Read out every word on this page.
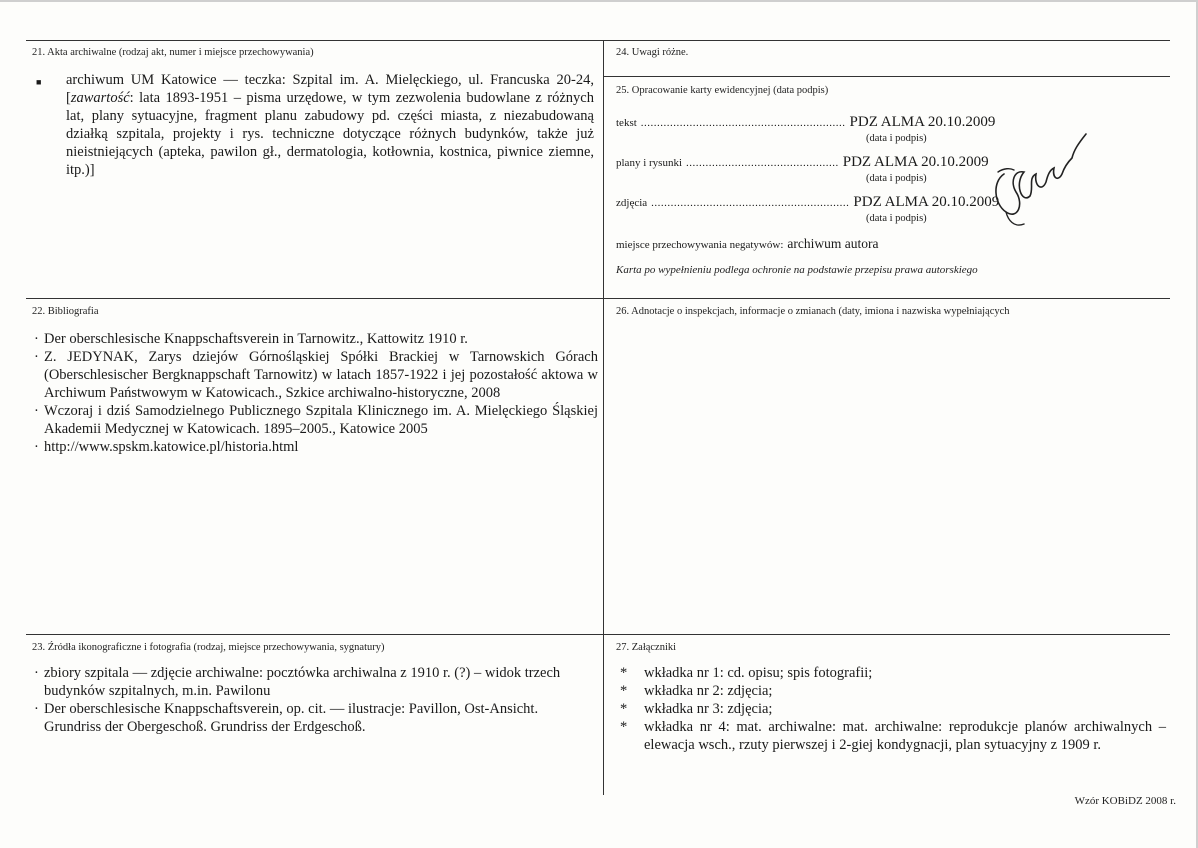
21. Akta archiwalne (rodzaj akt, numer i miejsce przechowywania)
■ archiwum UM Katowice — teczka: Szpital im. A. Mielęckiego, ul. Francuska 20-24, [zawartość: lata 1893-1951 – pisma urzędowe, w tym zezwolenia budowlane z różnych lat, plany sytuacyjne, fragment planu zabudowy pd. części miasta, z niezabudowaną działką szpitala, projekty i rys. techniczne dotyczące różnych budynków, także już nieistniejących (apteka, pawilon gł., dermatologia, kotłownia, kostnica, piwnice ziemne, itp.)]
24. Uwagi różne.
25. Opracowanie karty ewidencyjnej (data podpis)
tekst ............................................................... PDZ ALMA 20.10.2009
(data i podpis)
plany i rysunki ............................................... PDZ ALMA 20.10.2009
(data i podpis)
zdjęcia ............................................................. PDZ ALMA 20.10.2009
(data i podpis)
miejsce przechowywania negatywów: archiwum autora
Karta po wypełnieniu podlega ochronie na podstawie przepisu prawa autorskiego
22. Bibliografia
· Der oberschlesische Knappschaftsverein in Tarnowitz., Kattowitz 1910 r.
· Z. JEDYNAK, Zarys dziejów Górnośląskiej Spółki Brackiej w Tarnowskich Górach (Oberschlesischer Bergknappschaft Tarnowitz) w latach 1857-1922 i jej pozostałość aktowa w Archiwum Państwowym w Katowicach., Szkice archiwalno-historyczne, 2008
· Wczoraj i dziś Samodzielnego Publicznego Szpitala Klinicznego im. A. Mielęckiego Śląskiej Akademii Medycznej w Katowicach. 1895–2005., Katowice 2005
· http://www.spskm.katowice.pl/historia.html
26. Adnotacje o inspekcjach, informacje o zmianach (daty, imiona i nazwiska wypełniających
23. Źródła ikonograficzne i fotografia (rodzaj, miejsce przechowywania, sygnatury)
· zbiory szpitala — zdjęcie archiwalne: pocztówka archiwalna z 1910 r. (?) – widok trzech budynków szpitalnych, m.in. Pawilonu
· Der oberschlesische Knappschaftsverein, op. cit. — ilustracje: Pavillon, Ost-Ansicht. Grundriss der Obergeschoß. Grundriss der Erdgeschoß.
27. Załączniki
* wkładka nr 1: cd. opisu; spis fotografii;
* wkładka nr 2: zdjęcia;
* wkładka nr 3: zdjęcia;
* wkładka nr 4: mat. archiwalne: mat. archiwalne: reprodukcje planów archiwalnych – elewacja wsch., rzuty pierwszej i 2-giej kondygnacji, plan sytuacyjny z 1909 r.
Wzór KOBiDZ 2008 r.
